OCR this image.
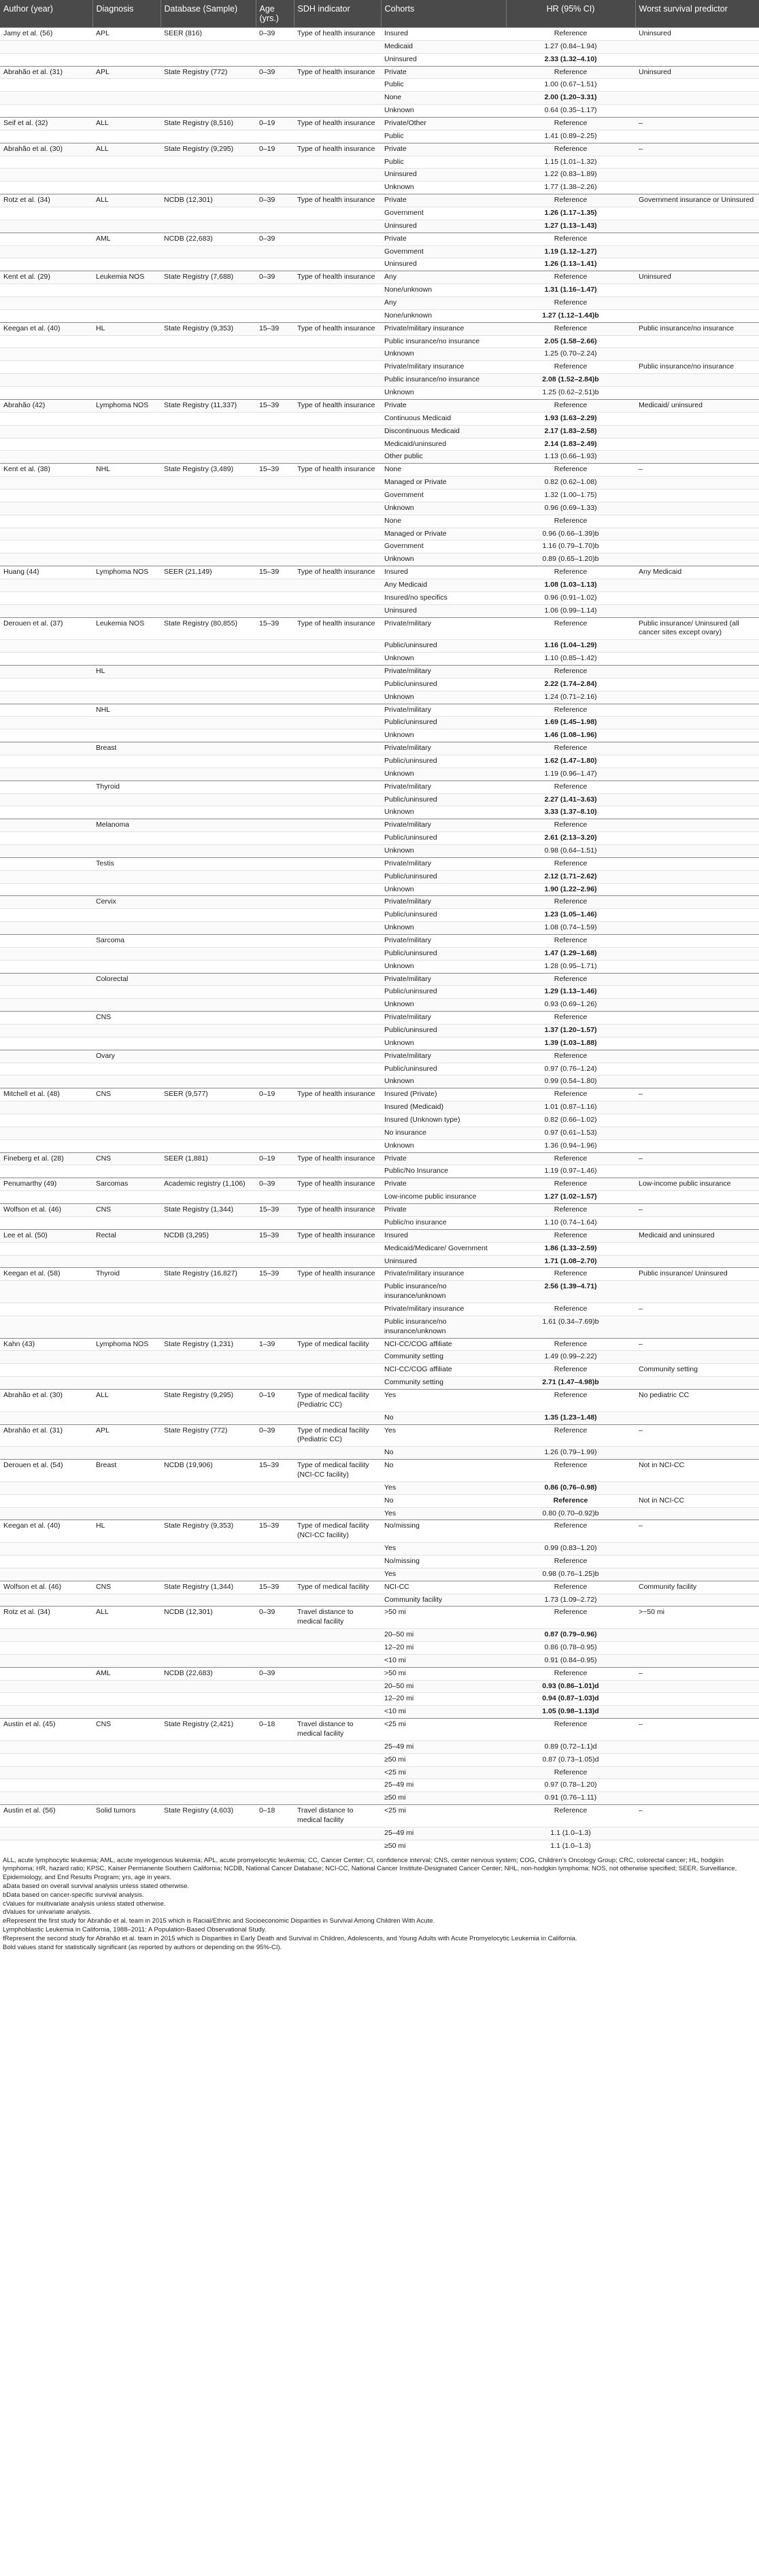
Author (year)	Diagnosis	Database (Sample)	Age (yrs.)	SDH indicator	Cohorts	HR (95% CI)	Worst survival predictor
Jamy et al. (56)	APL	SEER (816)	0–39	Type of health insurance	Insured	Reference	Uninsured
					Medicaid	1.27 (0.84–1.94)	
					Uninsured	2.33 (1.32–4.10)	
Abrahão et al. (31)	APL	State Registry (772)	0–39	Type of health insurance	Private	Reference	Uninsured
					Public	1.00 (0.67–1.51)	
					None	2.00 (1.20–3.31)	
					Unknown	0.64 (0.35–1.17)	
Seif et al. (32)	ALL	State Registry (8,516)	0–19	Type of health insurance	Private/Other	Reference	–
					Public	1.41 (0.89–2.25)	
Abrahão et al. (30)	ALL	State Registry (9,295)	0–19	Type of health insurance	Private	Reference	–
					Public	1.15 (1.01–1.32)	
					Uninsured	1.22 (0.83–1.89)	
					Unknown	1.77 (1.38–2.26)	
Rotz et al. (34)	ALL	NCDB (12,301)	0–39	Type of health insurance	Private	Reference	Government insurance or Uninsured
					Government	1.26 (1.17–1.35)	
					Uninsured	1.27 (1.13–1.43)	
	AML	NCDB (22,683)	0–39		Private	Reference	
					Government	1.19 (1.12–1.27)	
					Uninsured	1.26 (1.13–1.41)	
Kent et al. (29)	Leukemia NOS	State Registry (7,688)	0–39	Type of health insurance	Any	Reference	Uninsured
					None/unknown	1.31 (1.16–1.47)	
					Any	Reference	
					None/unknown	1.27 (1.12–1.44)b	
Keegan et al. (40)	HL	State Registry (9,353)	15–39	Type of health insurance	Private/military insurance	Reference	Public insurance/no insurance
					Public insurance/no insurance	2.05 (1.58–2.66)	
					Unknown	1.25 (0.70–2.24)	
					Private/military insurance	Reference	Public insurance/no insurance
					Public insurance/no insurance	2.08 (1.52–2.84)b	
					Unknown	1.25 (0.62–2.51)b	
Abrahão (42)	Lymphoma NOS	State Registry (11,337)	15–39	Type of health insurance	Private	Reference	Medicaid/ uninsured
					Continuous Medicaid	1.93 (1.63–2.29)	
					Discontinuous Medicaid	2.17 (1.83–2.58)	
					Medicaid/uninsured	2.14 (1.83–2.49)	
					Other public	1.13 (0.66–1.93)	
Kent et al. (38)	NHL	State Registry (3,489)	15–39	Type of health insurance	None	Reference	–
					Managed or Private	0.82 (0.62–1.08)	
					Government	1.32 (1.00–1.75)	
					Unknown	0.96 (0.69–1.33)	
					None	Reference	
					Managed or Private	0.96 (0.66–1.39)b	
					Government	1.16 (0.79–1.70)b	
					Unknown	0.89 (0.65–1.20)b	
Huang (44)	Lymphoma NOS	SEER (21,149)	15–39	Type of health insurance	Insured	Reference	Any Medicaid
					Any Medicaid	1.08 (1.03–1.13)	
					Insured/no specifics	0.96 (0.91–1.02)	
					Uninsured	1.06 (0.99–1.14)	
Derouen et al. (37)	Leukemia NOS	State Registry (80,855)	15–39	Type of health insurance	Private/military	Reference	Public insurance/ Uninsured (all cancer sites except ovary)
					Public/uninsured	1.16 (1.04–1.29)	
					Unknown	1.10 (0.85–1.42)	
	HL				Private/military	Reference	
					Public/uninsured	2.22 (1.74–2.84)	
					Unknown	1.24 (0.71–2.16)	
	NHL				Private/military	Reference	
					Public/uninsured	1.69 (1.45–1.98)	
					Unknown	1.46 (1.08–1.96)	
	Breast				Private/military	Reference	
					Public/uninsured	1.62 (1.47–1.80)	
					Unknown	1.19 (0.96–1.47)	
	Thyroid				Private/military	Reference	
					Public/uninsured	2.27 (1.41–3.63)	
					Unknown	3.33 (1.37–8.10)	
	Melanoma				Private/military	Reference	
					Public/uninsured	2.61 (2.13–3.20)	
					Unknown	0.98 (0.64–1.51)	
	Testis				Private/military	Reference	
					Public/uninsured	2.12 (1.71–2.62)	
					Unknown	1.90 (1.22–2.96)	
	Cervix				Private/military	Reference	
					Public/uninsured	1.23 (1.05–1.46)	
					Unknown	1.08 (0.74–1.59)	
	Sarcoma				Private/military	Reference	
					Public/uninsured	1.47 (1.29–1.68)	
					Unknown	1.28 (0.95–1.71)	
	Colorectal				Private/military	Reference	
					Public/uninsured	1.29 (1.13–1.46)	
					Unknown	0.93 (0.69–1.26)	
	CNS				Private/military	Reference	
					Public/uninsured	1.37 (1.20–1.57)	
					Unknown	1.39 (1.03–1.88)	
	Ovary				Private/military	Reference	
					Public/uninsured	0.97 (0.76–1.24)	
					Unknown	0.99 (0.54–1.80)	
Mitchell et al. (48)	CNS	SEER (9,577)	0–19	Type of health insurance	Insured (Private)	Reference	–
					Insured (Medicaid)	1.01 (0.87–1.16)	
					Insured (Unknown type)	0.82 (0.66–1.02)	
					No insurance	0.97 (0.61–1.53)	
					Unknown	1.36 (0.94–1.96)	
Fineberg et al. (28)	CNS	SEER (1,881)	0–19	Type of health insurance	Private	Reference	–
					Public/No Insurance	1.19 (0.97–1.46)	
Penumarthy (49)	Sarcomas	Academic registry (1,106)	0–39	Type of health insurance	Private	Reference	Low-income public insurance
					Low-income public insurance	1.27 (1.02–1.57)	
Wolfson et al. (46)	CNS	State Registry (1,344)	15–39	Type of health insurance	Private	Reference	–
					Public/no insurance	1.10 (0.74–1.64)	
Lee et al. (50)	Rectal	NCDB (3,295)	15–39	Type of health insurance	Insured	Reference	Medicaid and uninsured
					Medicaid/Medicare/ Government	1.86 (1.33–2.59)	
					Uninsured	1.71 (1.08–2.70)	
Keegan et al. (58)	Thyroid	State Registry (16,827)	15–39	Type of health insurance	Private/military insurance	Reference	Public insurance/ Uninsured
					Public insurance/no insurance/unknown	2.56 (1.39–4.71)	
					Private/military insurance	Reference	–
					Public insurance/no insurance/unknown	1.61 (0.34–7.69)b	
Kahn (43)	Lymphoma NOS	State Registry (1,231)	1–39	Type of medical facility	NCI-CC/COG affiliate	Reference	–
					Community setting	1.49 (0.99–2.22)	
					NCI-CC/COG affiliate	Reference	Community setting
					Community setting	2.71 (1.47–4.98)b	
Abrahão et al. (30)	ALL	State Registry (9,295)	0–19	Type of medical facility (Pediatric CC)	Yes	Reference	No pediatric CC
					No	1.35 (1.23–1.48)	
Abrahão et al. (31)	APL	State Registry (772)	0–39	Type of medical facility (Pediatric CC)	Yes	Reference	–
					No	1.26 (0.79–1.99)	
Derouen et al. (54)	Breast	NCDB (19,906)	15–39	Type of medical facility (NCI-CC facility)	No	Reference	Not in NCI-CC
					Yes	0.86 (0.76–0.98)	
					No	Reference	Not in NCI-CC
					Yes	0.80 (0.70–0.92)b	
Keegan et al. (40)	HL	State Registry (9,353)	15–39	Type of medical facility (NCI-CC facility)	No/missing	Reference	–
					Yes	0.99 (0.83–1.20)	
					No/missing	Reference	
					Yes	0.98 (0.76–1.25)b	
Wolfson et al. (46)	CNS	State Registry (1,344)	15–39	Type of medical facility	NCI-CC	Reference	Community facility
					Community facility	1.73 (1.09–2.72)	
Rotz et al. (34)	ALL	NCDB (12,301)	0–39	Travel distance to medical facility	>50 mi	Reference	>~50 mi
					20–50 mi	0.87 (0.79–0.96)	
					12–20 mi	0.86 (0.78–0.95)	
					<10 mi	0.91 (0.84–0.95)	
	AML	NCDB (22,683)	0–39		>50 mi	Reference	–
					20–50 mi	0.93 (0.86–1.01)d	
					12–20 mi	0.94 (0.87–1.03)d	
					<10 mi	1.05 (0.98–1.13)d	
Austin et al. (45)	CNS	State Registry (2,421)	0–18	Travel distance to medical facility	<25 mi	Reference	–
					25–49 mi	0.89 (0.72–1.1)d	
					≥50 mi	0.87 (0.73–1.05)d	
					<25 mi	Reference	
					25–49 mi	0.97 (0.78–1.20)	
					≥50 mi	0.91 (0.76–1.11)	
Austin et al. (56)	Solid tumors	State Registry (4,603)	0–18	Travel distance to medical facility	<25 mi	Reference	–
					25–49 mi	1.1 (1.0–1.3)	
					≥50 mi	1.1 (1.0–1.3)	

ALL, acute lymphocytic leukemia; AML, acute myelogenous leukemia; APL, acute promyelocytic leukemia; CC, Cancer Center; CI, confidence interval; CNS, center nervous system; COG, Children's Oncology Group; CRC, colorectal cancer; HL, hodgkin lymphoma; HR, hazard ratio; KPSC, Kaiser Permanente Southern California; NCDB, National Cancer Database; NCI-CC, National Cancer Institute-Designated Cancer Center; NHL, non-hodgkin lymphoma; NOS, not otherwise specified; SEER, Surveillance, Epidemiology, and End Results Program; yrs, age in years.

aData based on overall survival analysis unless stated otherwise.

bData based on cancer-specific survival analysis.

cValues for multivariate analysis unless stated otherwise.

dValues for univariate analysis.

eRepresent the first study for Abrahão et al. team in 2015 which is Racial/Ethnic and Socioeconomic Disparities in Survival Among Children With Acute.

Lymphoblastic Leukemia in California, 1988–2011: A Population-Based Observational Study.

fRepresent the second study for Abrahão et al. team in 2015 which is Disparities in Early Death and Survival in Children, Adolescents, and Young Adults with Acute Promyelocytic Leukemia in California.

Bold values stand for statistically significant (as reported by authors or depending on the 95%-CI).
